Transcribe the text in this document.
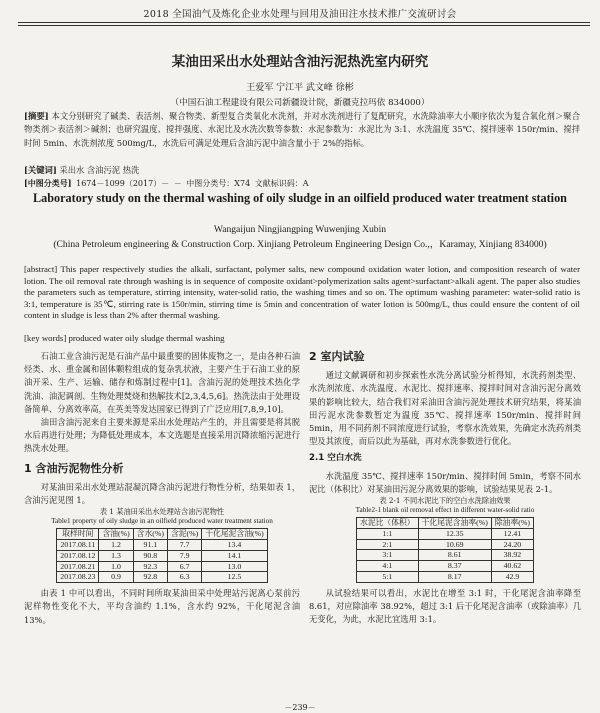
2018 全国油气及炼化企业水处理与回用及油田注水技术推广交流研讨会
某油田采出水处理站含油污泥热洗室内研究
王爱军 宁江平 武文峰 徐彬
（中国石油工程建设有限公司新疆设计院，新疆克拉玛依 834000）
[摘要] 本文分别研究了碱类、表活剂、聚合物类、新型复合类氧化水洗剂，并对水洗剂进行了复配研究，水洗除油率大小顺序依次为复合氧化剂＞聚合物类剂＞表活剂＞碱剂；也研究温度、搅拌强度、水泥比及水洗次数等参数：水泥参数为：水泥比为 3:1、水洗温度 35℃、搅拌速率 150r/min、搅拌时间 5min、水洗剂浓度 500mg/L，水洗后可满足处理后含油污泥中油含量小于 2%的指标。
[关键词] 采出水 含油污泥 热洗
[中图分类号] 1674－1099（2017）－ － 中图分类号：X74 文献标识码：A
Laboratory study on the thermal washing of oily sludge in an oilfield produced water treatment station
Wangaijun Ningjiangping Wuwenjing Xubin
(China Petroleum engineering & Construction Corp. Xinjiang Petroleum Engineering Design Co.,，Karamay, Xinjiang 834000)
[abstract] This paper respectively studies the alkali, surfactant, polymer salts, new compound oxidation water lotion, and composition research of water lotion. The oil removal rate through washing is in sequence of composite oxidant>polymerization salts agent>surfactant>alkali agent. The paper also studies the parameters such as temperature, stirring intensity, water-solid ratio, the washing times and so on. The optimum washing parameter: water-solid ratio is 3:1, temperature is 35℃, stirring rate is 150r/min, stirring time is 5min and concentration of water lotion is 500mg/L, thus could ensure the content of oil content in sludge is less than 2% after thermal washing.
[key words] produced water oily sludge thermal washing

石油工业含油污泥是石油产品中最重要的固体废物之一，是由各种石油烃类、水、重金属和固体颗粒组成的复杂乳状液，主要产生于石油工业的原油开采、生产、运输、储存和炼制过程中[1]。含油污泥的处理技术热化学洗油、油泥调剖、生物处理焚烧和热解技术[2,3,4,5,6]。热洗法由于处理设备简单、分离效率高，在英美等发达国家已得到了广泛应用[7,8,9,10]。

油田含油污泥来自主要来源是采出水处理站产生的，并且需要是将其脱水后再进行处理；为降低处理成本，本文选题是直接采用沉降浓缩污泥进行热洗水处理。

1 含油污泥物性分析

对某油田采出水处理站混凝沉降含油污泥进行物性分析，结果如表 1，含油污泥见图 1。

表 1 某油田采出水处理站含油污泥物性

Table1 property of oily sludge in an oilfield produced water treatment station

取样时间	含油(%)	含水(%)	含泥(%)	干化尾泥含油(%)
2017.08.11	1.2	91.1	7.7	13.4
2017.08.12	1.3	90.8	7.9	14.1
2017.08.21	1.0	92.3	6.7	13.0
2017.08.23	0.9	92.8	6.3	12.5

由表 1 中可以看出，不同时间所取某油田采中处理站污泥离心泵前污泥样物性变化不大，平均含油约 1.1%，含水约 92%，干化尾泥含油 13%。

2 室内试验

通过文献调研和初步探索性水洗分离试验分析得知，水洗药剂类型、水洗剂浓度、水洗温度、水泥比、搅拌速率、搅拌时间对含油污泥分离效果的影响比较大，结合我们对采油田含油污泥处理技术研究结果，将某油田污泥水洗参数暂定为温度 35℃、搅拌速率 150r/min、搅拌时间 5min，用不同药剂不同浓度进行试验，考察水洗效果，先确定水洗药剂类型及其浓度，而后以此为基础，再对水洗参数进行优化。

2.1 空白水洗

水洗温度 35℃、搅拌速率 150r/min、搅拌时间 5min，考察不同水泥比（体积比）对某油田污泥分离效果的影响，试验结果见表 2-1。

表 2-1 不同水泥比下的空白水洗除油效果

Table2-1 blank oil removal effect in different water-solid ratio

水泥比（体积）	干化尾泥含油率(%)	除油率(%)
1:1	12.35	12.41
2:1	10.69	24.20
3:1	8.61	38.92
4:1	8.37	40.62
5:1	8.17	42.9

从试验结果可以看出，水泥比在增至 3:1 时，干化尾泥含油率降至 8.61，对应除油率 38.92%，超过 3:1 后干化尾泥含油率（或除油率）几无变化，为此，水泥比宜选用 3:1。

－239－
